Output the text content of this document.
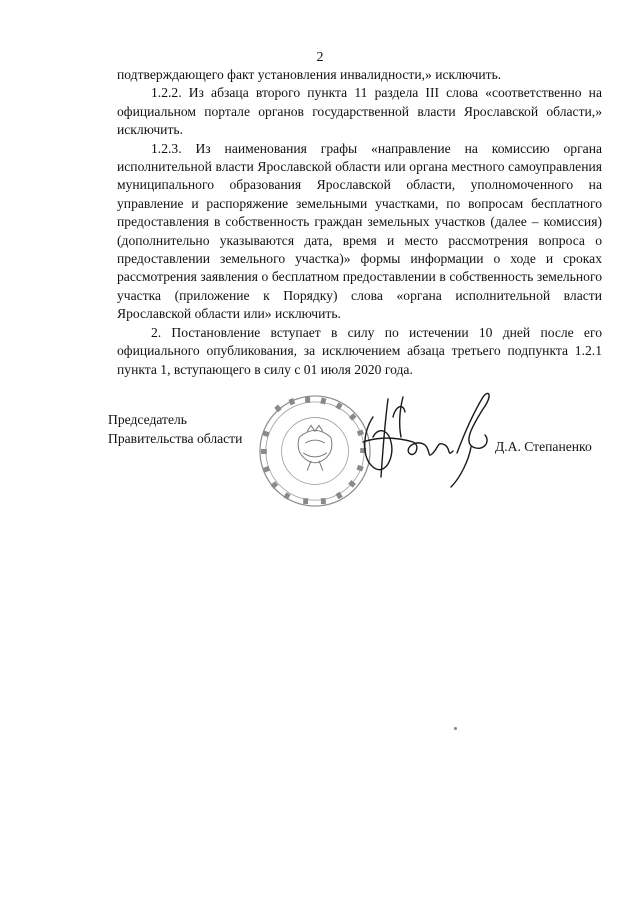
2

подтверждающего факт установления инвалидности,» исключить.

1.2.2. Из абзаца второго пункта 11 раздела III слова «соответственно на официальном портале органов государственной власти Ярославской области,» исключить.

1.2.3. Из наименования графы «направление на комиссию органа исполнительной власти Ярославской области или органа местного самоуправления муниципального образования Ярославской области, уполномоченного на управление и распоряжение земельными участками, по вопросам бесплатного предоставления в собственность граждан земельных участков (далее – комиссия) (дополнительно указываются дата, время и место рассмотрения вопроса о предоставлении земельного участка)» формы информации о ходе и сроках рассмотрения заявления о бесплатном предоставлении в собственность земельного участка (приложение к Порядку) слова «органа исполнительной власти Ярославской области или» исключить.

2. Постановление вступает в силу по истечении 10 дней после его официального опубликования, за исключением абзаца третьего подпункта 1.2.1 пункта 1, вступающего в силу с 01 июля 2020 года.

Председатель
Правительства области
Д.А. Степаненко
